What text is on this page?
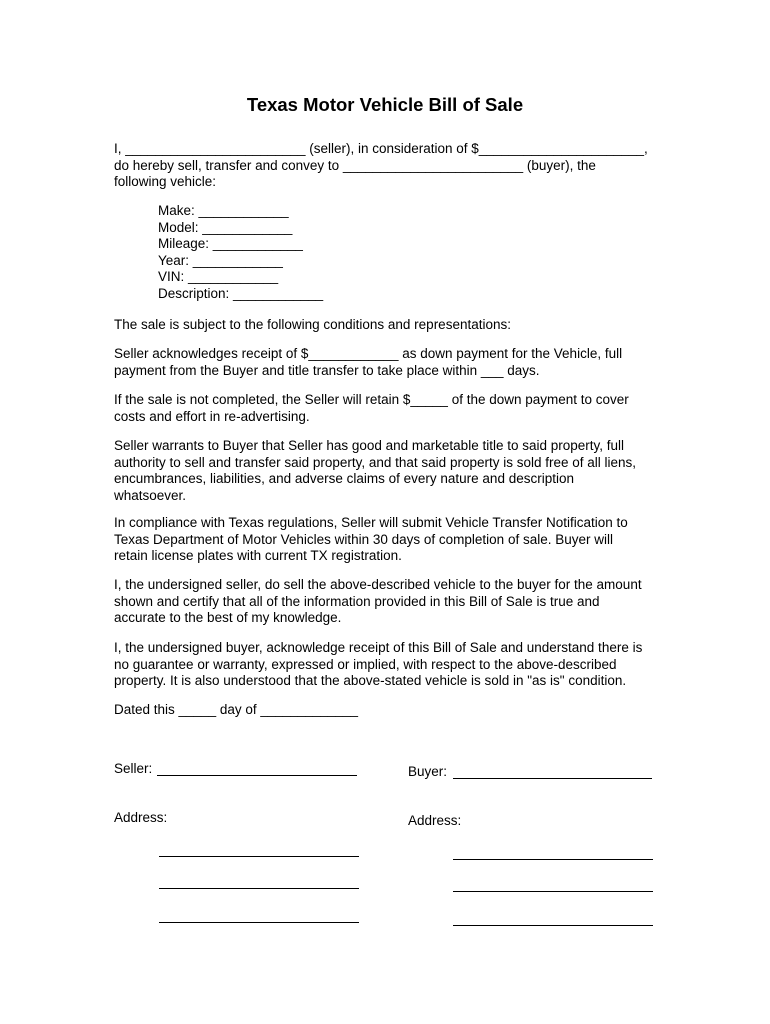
Texas Motor Vehicle Bill of Sale

I, ________________________ (seller), in consideration of $______________________,
do hereby sell, transfer and convey to ________________________ (buyer), the
following vehicle:

Make: ____________
Model: ____________
Mileage: ____________
Year: ____________
VIN: ____________
Description: ____________

The sale is subject to the following conditions and representations:

Seller acknowledges receipt of $____________ as down payment for the Vehicle, full
payment from the Buyer and title transfer to take place within ___ days.

If the sale is not completed, the Seller will retain $_____ of the down payment to cover
costs and effort in re-advertising.

Seller warrants to Buyer that Seller has good and marketable title to said property, full
authority to sell and transfer said property, and that said property is sold free of all liens,
encumbrances, liabilities, and adverse claims of every nature and description
whatsoever.

In compliance with Texas regulations, Seller will submit Vehicle Transfer Notification to
Texas Department of Motor Vehicles within 30 days of completion of sale. Buyer will
retain license plates with current TX registration.

I, the undersigned seller, do sell the above-described vehicle to the buyer for the amount
shown and certify that all of the information provided in this Bill of Sale is true and
accurate to the best of my knowledge.

I, the undersigned buyer, acknowledge receipt of this Bill of Sale and understand there is
no guarantee or warranty, expressed or implied, with respect to the above-described
property. It is also understood that the above-stated vehicle is sold in "as is" condition.

Dated this _____ day of _____________

Seller:	Buyer:
Address:	Address:
